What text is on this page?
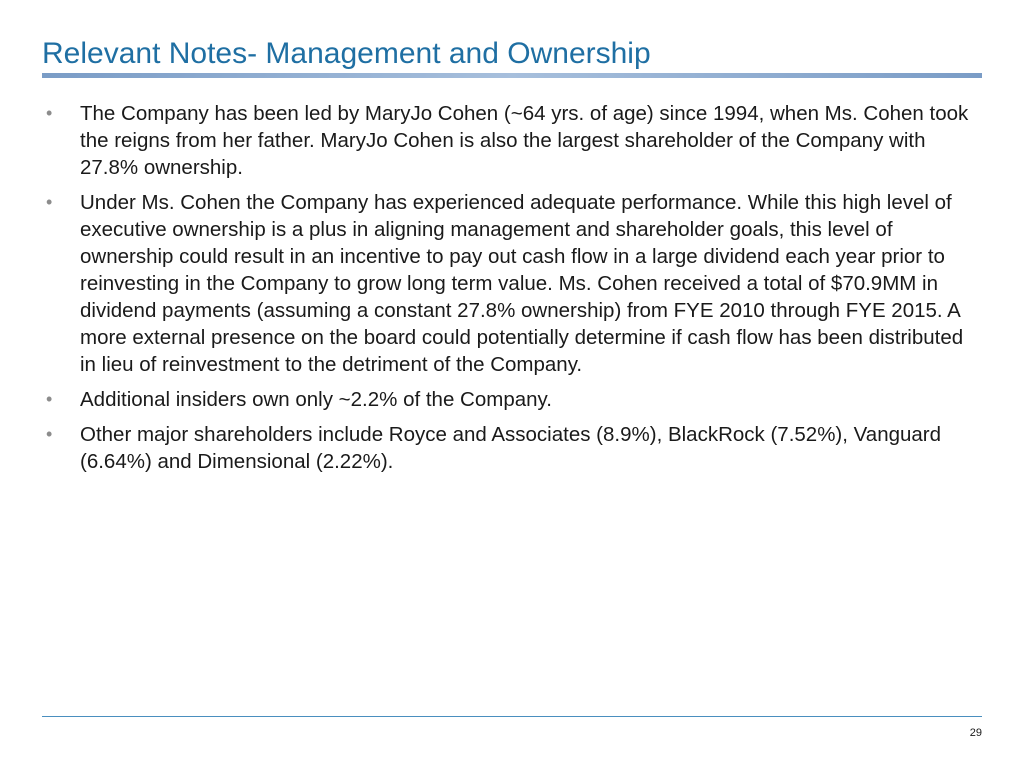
Relevant Notes- Management and Ownership
• The Company has been led by MaryJo Cohen (~64 yrs. of age) since 1994, when Ms. Cohen took the reigns from her father. MaryJo Cohen is also the largest shareholder of the Company with 27.8% ownership.
• Under Ms. Cohen the Company has experienced adequate performance. While this high level of executive ownership is a plus in aligning management and shareholder goals, this level of ownership could result in an incentive to pay out cash flow in a large dividend each year prior to reinvesting in the Company to grow long term value. Ms. Cohen received a total of $70.9MM in dividend payments (assuming a constant 27.8% ownership) from FYE 2010 through FYE 2015. A more external presence on the board could potentially determine if cash flow has been distributed in lieu of reinvestment to the detriment of the Company.
• Additional insiders own only ~2.2% of the Company.
• Other major shareholders include Royce and Associates (8.9%), BlackRock (7.52%), Vanguard (6.64%) and Dimensional (2.22%).
29
